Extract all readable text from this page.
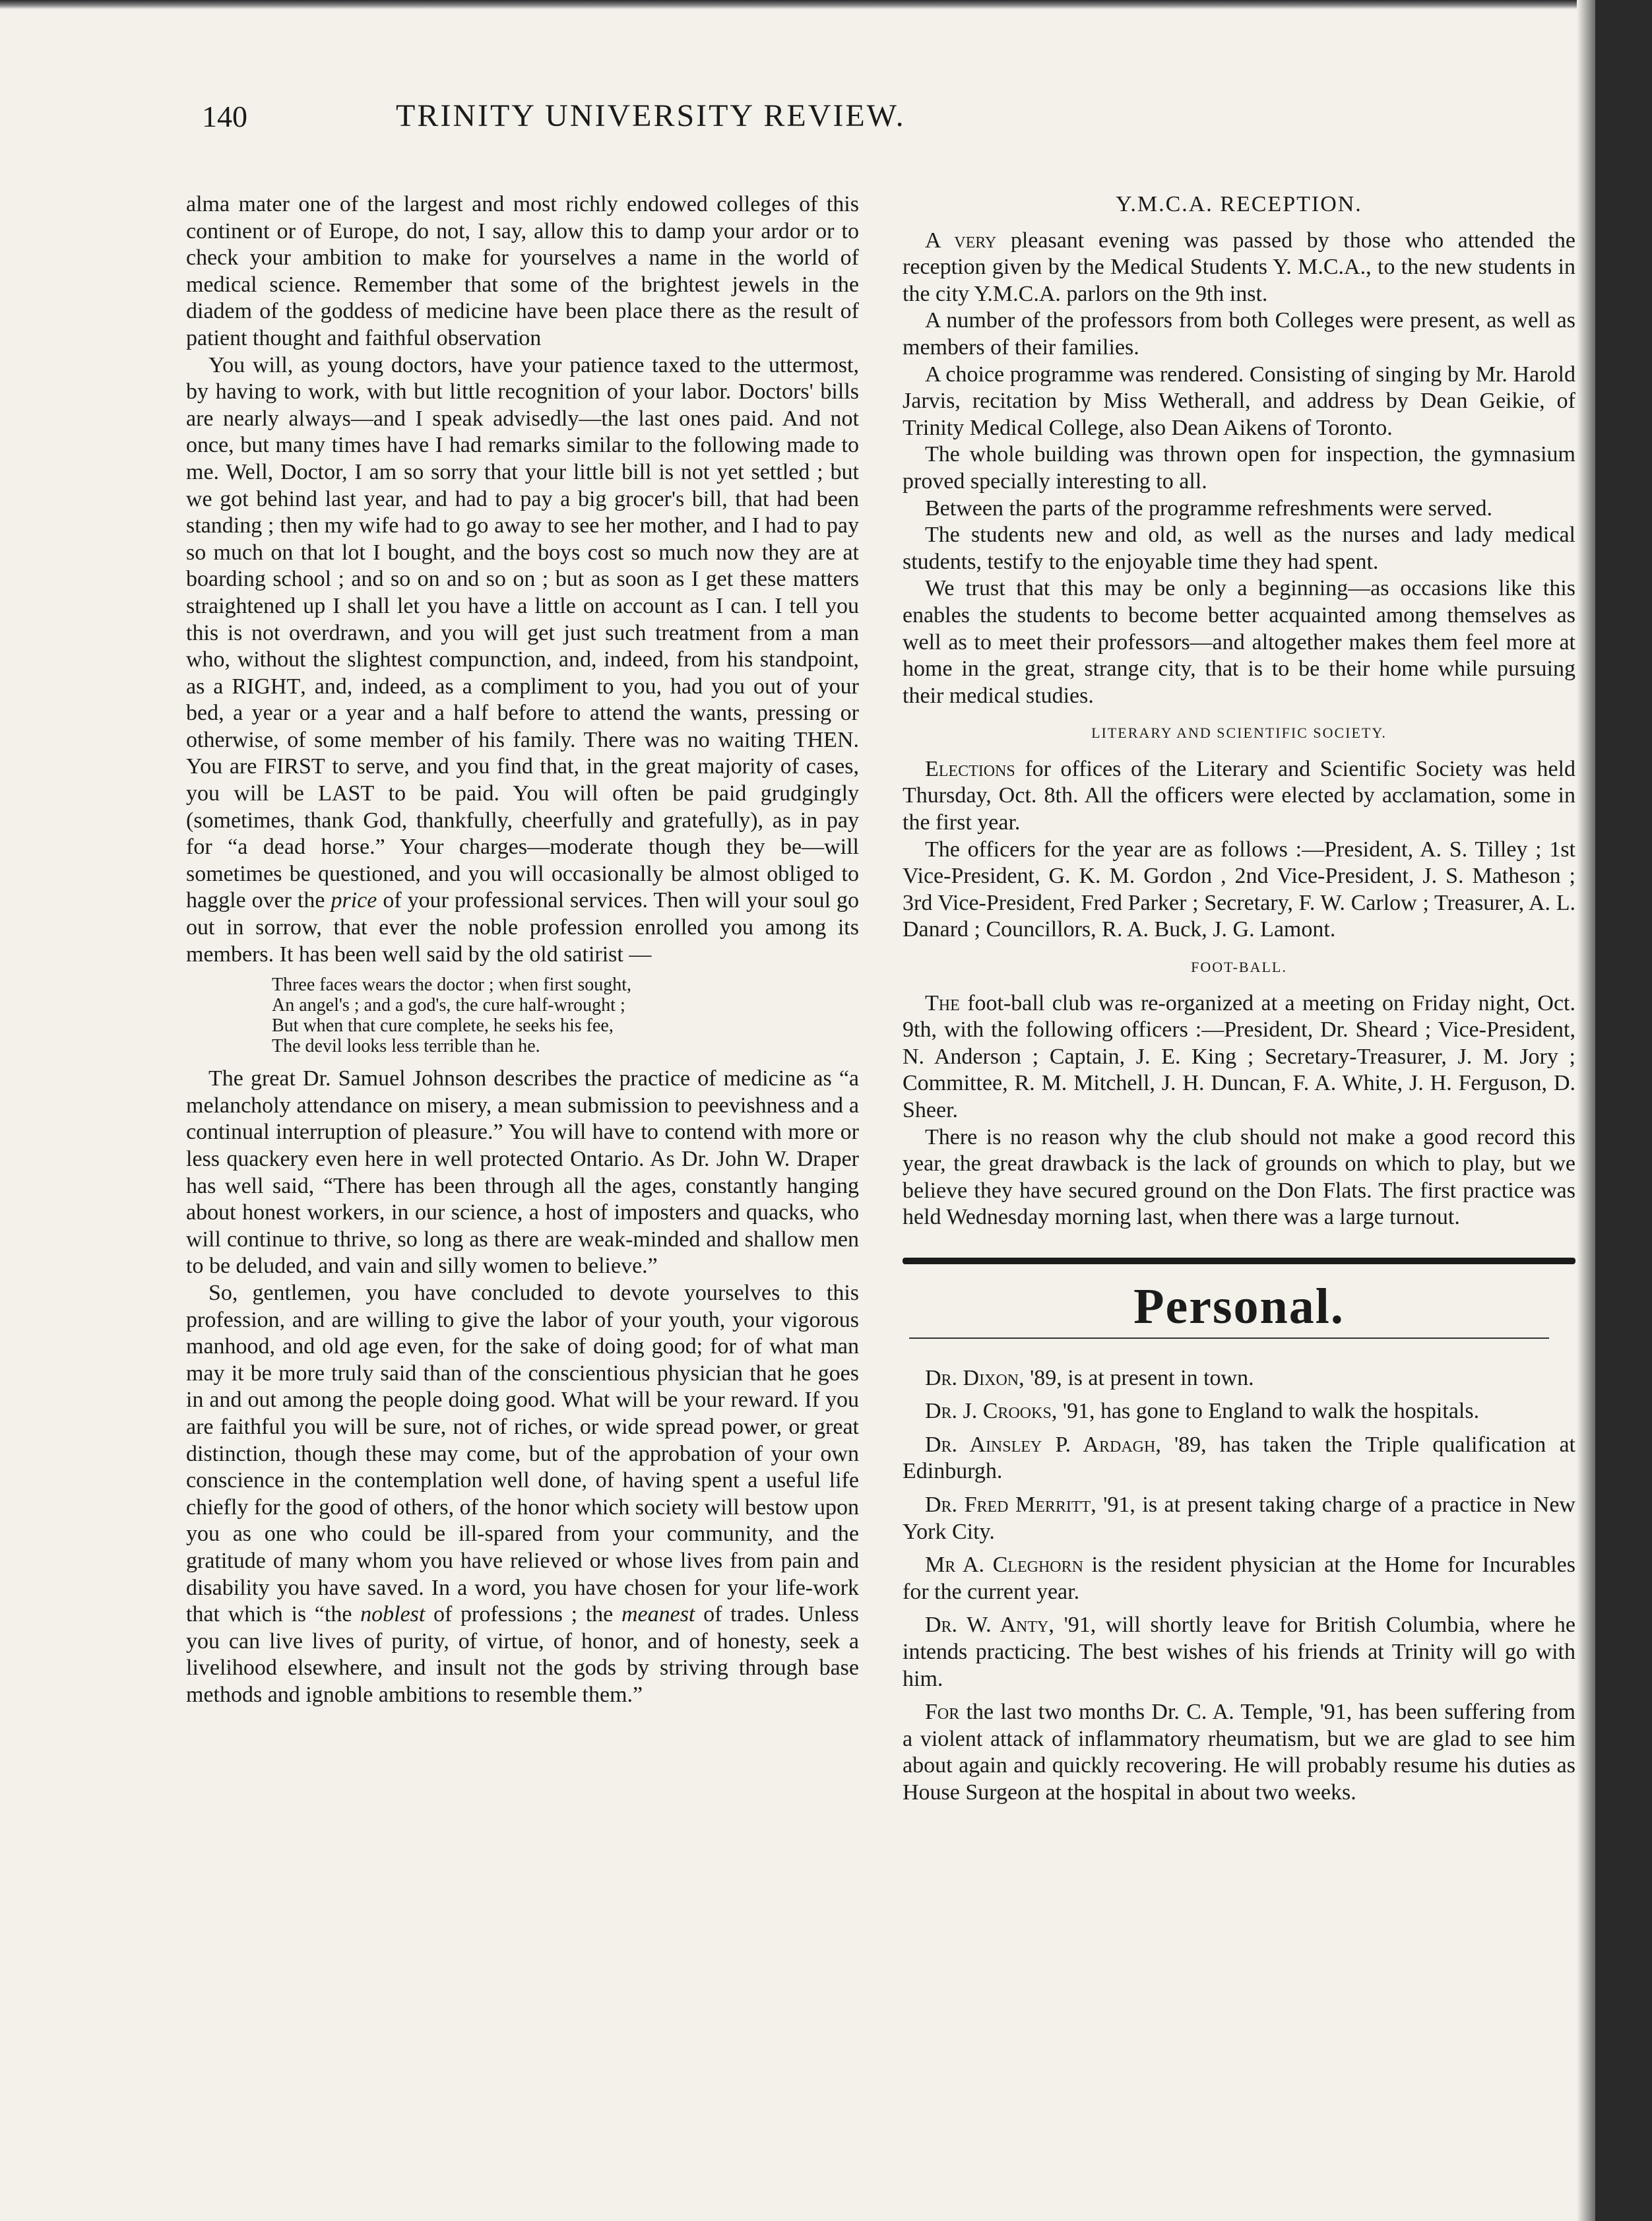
140	TRINITY UNIVERSITY REVIEW.

alma mater one of the largest and most richly endowed colleges of this continent or of Europe, do not, I say, allow this to damp your ardor or to check your ambition to make for yourselves a name in the world of medical science. Remember that some of the brightest jewels in the diadem of the goddess of medicine have been place there as the result of patient thought and faithful observation

You will, as young doctors, have your patience taxed to the uttermost, by having to work, with but little recognition of your labor. Doctors' bills are nearly always—and I speak advisedly—the last ones paid. And not once, but many times have I had remarks similar to the following made to me. Well, Doctor, I am so sorry that your little bill is not yet settled ; but we got behind last year, and had to pay a big grocer's bill, that had been standing ; then my wife had to go away to see her mother, and I had to pay so much on that lot I bought, and the boys cost so much now they are at boarding school ; and so on and so on ; but as soon as I get these matters straightened up I shall let you have a little on account as I can. I tell you this is not overdrawn, and you will get just such treatment from a man who, without the slightest compunction, and, indeed, from his standpoint, as a RIGHT, and, indeed, as a compliment to you, had you out of your bed, a year or a year and a half before to attend the wants, pressing or otherwise, of some member of his family. There was no waiting THEN. You are FIRST to serve, and you find that, in the great majority of cases, you will be LAST to be paid. You will often be paid grudgingly (sometimes, thank God, thankfully, cheerfully and gratefully), as in pay for “a dead horse.” Your charges—moderate though they be—will sometimes be questioned, and you will occasionally be almost obliged to haggle over the price of your professional services. Then will your soul go out in sorrow, that ever the noble profession enrolled you among its members. It has been well said by the old satirist —

Three faces wears the doctor ; when first sought,
An angel's ; and a god's, the cure half-wrought ;
But when that cure complete, he seeks his fee,
The devil looks less terrible than he.

The great Dr. Samuel Johnson describes the practice of medicine as “a melancholy attendance on misery, a mean submission to peevishness and a continual interruption of pleasure.” You will have to contend with more or less quackery even here in well protected Ontario. As Dr. John W. Draper has well said, “There has been through all the ages, constantly hanging about honest workers, in our science, a host of imposters and quacks, who will continue to thrive, so long as there are weak-minded and shallow men to be deluded, and vain and silly women to believe.”

So, gentlemen, you have concluded to devote yourselves to this profession, and are willing to give the labor of your youth, your vigorous manhood, and old age even, for the sake of doing good; for of what man may it be more truly said than of the conscientious physician that he goes in and out among the people doing good. What will be your reward. If you are faithful you will be sure, not of riches, or wide spread power, or great distinction, though these may come, but of the approbation of your own conscience in the contemplation well done, of having spent a useful life chiefly for the good of others, of the honor which society will bestow upon you as one who could be ill-spared from your community, and the gratitude of many whom you have relieved or whose lives from pain and disability you have saved. In a word, you have chosen for your life-work that which is “the noblest of professions ; the meanest of trades. Unless you can live lives of purity, of virtue, of honor, and of honesty, seek a livelihood elsewhere, and insult not the gods by striving through base methods and ignoble ambitions to resemble them.”

Y.M.C.A. RECEPTION.

A very pleasant evening was passed by those who attended the reception given by the Medical Students Y. M.C.A., to the new students in the city Y.M.C.A. parlors on the 9th inst.

A number of the professors from both Colleges were present, as well as members of their families.

A choice programme was rendered. Consisting of singing by Mr. Harold Jarvis, recitation by Miss Wetherall, and address by Dean Geikie, of Trinity Medical College, also Dean Aikens of Toronto.

The whole building was thrown open for inspection, the gymnasium proved specially interesting to all.

Between the parts of the programme refreshments were served.

The students new and old, as well as the nurses and lady medical students, testify to the enjoyable time they had spent.

We trust that this may be only a beginning—as occasions like this enables the students to become better acquainted among themselves as well as to meet their professors—and altogether makes them feel more at home in the great, strange city, that is to be their home while pursuing their medical studies.

LITERARY AND SCIENTIFIC SOCIETY.

Elections for offices of the Literary and Scientific Society was held Thursday, Oct. 8th. All the officers were elected by acclamation, some in the first year.

The officers for the year are as follows :—President, A. S. Tilley ; 1st Vice-President, G. K. M. Gordon , 2nd Vice-President, J. S. Matheson ; 3rd Vice-President, Fred Parker ; Secretary, F. W. Carlow ; Treasurer, A. L. Danard ; Councillors, R. A. Buck, J. G. Lamont.

FOOT-BALL.

The foot-ball club was re-organized at a meeting on Friday night, Oct. 9th, with the following officers :—President, Dr. Sheard ; Vice-President, N. Anderson ; Captain, J. E. King ; Secretary-Treasurer, J. M. Jory ; Committee, R. M. Mitchell, J. H. Duncan, F. A. White, J. H. Ferguson, D. Sheer.

There is no reason why the club should not make a good record this year, the great drawback is the lack of grounds on which to play, but we believe they have secured ground on the Don Flats. The first practice was held Wednesday morning last, when there was a large turnout.

Personal.

Dr. Dixon, '89, is at present in town.

Dr. J. Crooks, '91, has gone to England to walk the hospitals.

Dr. Ainsley P. Ardagh, '89, has taken the Triple qualification at Edinburgh.

Dr. Fred Merritt, '91, is at present taking charge of a practice in New York City.

Mr A. Cleghorn is the resident physician at the Home for Incurables for the current year.

Dr. W. Anty, '91, will shortly leave for British Columbia, where he intends practicing. The best wishes of his friends at Trinity will go with him.

For the last two months Dr. C. A. Temple, '91, has been suffering from a violent attack of inflammatory rheumatism, but we are glad to see him about again and quickly recovering. He will probably resume his duties as House Surgeon at the hospital in about two weeks.
